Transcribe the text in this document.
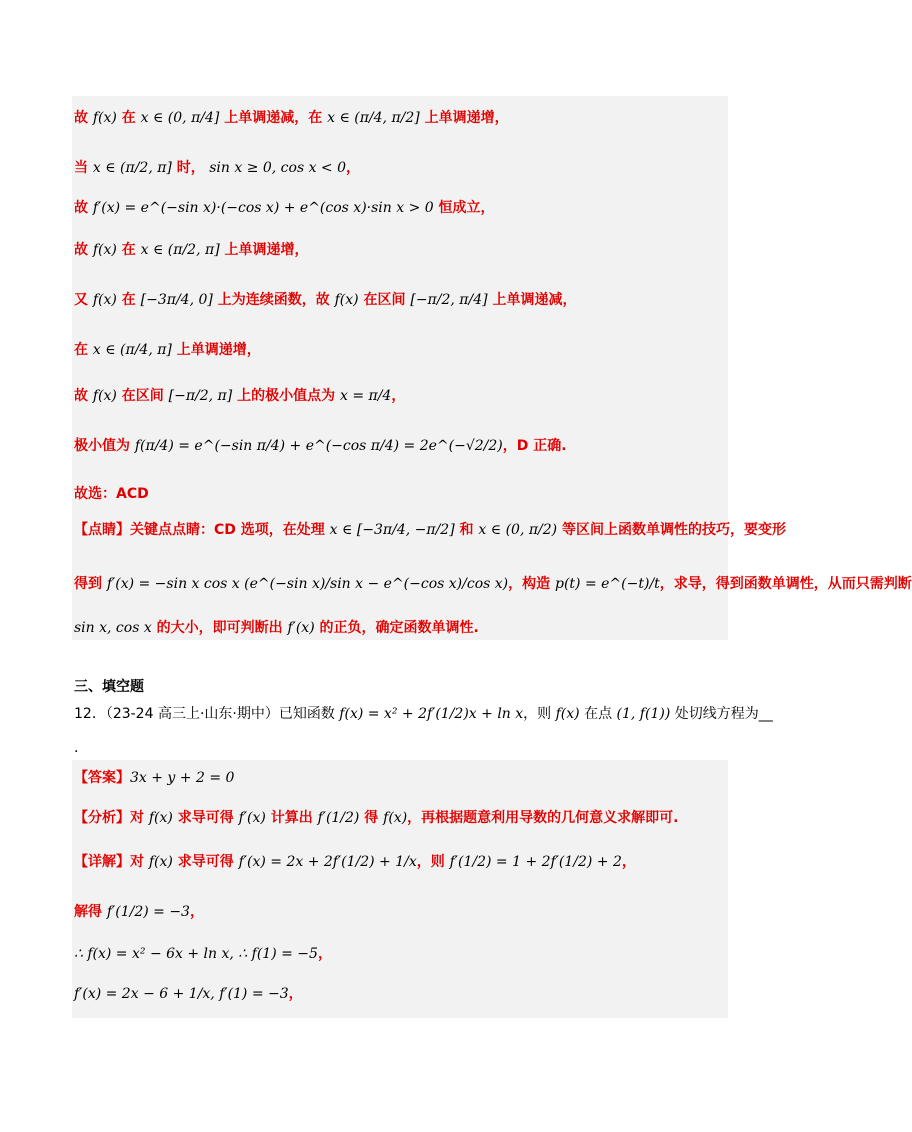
故 f(x) 在 x ∈ (0, π/4] 上单调递减，在 x ∈ (π/4, π/2] 上单调递增，
当 x ∈ (π/2, π] 时， sin x ≥ 0, cos x < 0，
故 f′(x) = e^(−sin x)·(−cos x) + e^(cos x)·sin x > 0 恒成立，
故 f(x) 在 x ∈ (π/2, π] 上单调递增，
又 f(x) 在 [−3π/4, 0] 上为连续函数，故 f(x) 在区间 [−π/2, π/4] 上单调递减，
在 x ∈ (π/4, π] 上单调递增，
故 f(x) 在区间 [−π/2, π] 上的极小值点为 x = π/4，
极小值为 f(π/4) = e^(−sin π/4) + e^(−cos π/4) = 2e^(−√2/2)，D 正确.
故选：ACD
【点睛】关键点点睛：CD 选项，在处理 x ∈ [−3π/4, −π/2] 和 x ∈ (0, π/2) 等区间上函数单调性的技巧，要变形
得到 f′(x) = −sin x cos x (e^(−sin x)/sin x − e^(−cos x)/cos x)，构造 p(t) = e^(−t)/t，求导，得到函数单调性，从而只需判断
sin x, cos x 的大小，即可判断出 f′(x) 的正负，确定函数单调性.
三、填空题
12．（23-24 高三上·山东·期中）已知函数 f(x) = x² + 2f′(1/2)x + ln x，则 f(x) 在点 (1, f(1)) 处切线方程为__
.
【答案】3x + y + 2 = 0
【分析】对 f(x) 求导可得 f′(x) 计算出 f′(1/2) 得 f(x)，再根据题意利用导数的几何意义求解即可.
【详解】对 f(x) 求导可得 f′(x) = 2x + 2f′(1/2) + 1/x，则 f′(1/2) = 1 + 2f′(1/2) + 2，
解得 f′(1/2) = −3，
∴ f(x) = x² − 6x + ln x, ∴ f(1) = −5，
f′(x) = 2x − 6 + 1/x, f′(1) = −3，
